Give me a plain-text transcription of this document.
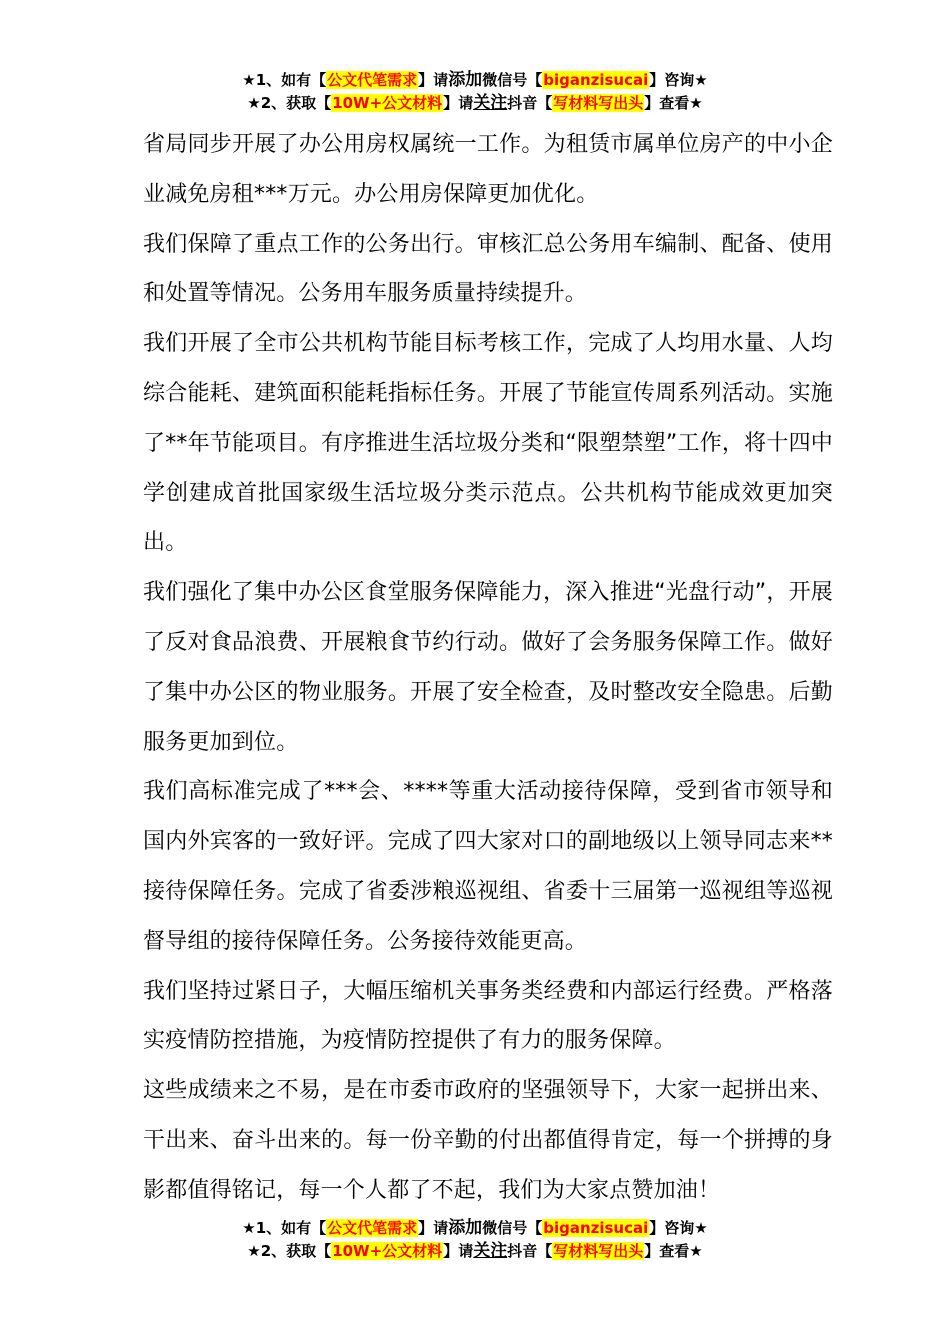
★1、如有【公文代笔需求】请添加微信号【biganzisucai】咨询★
★2、获取【10W+公文材料】请关注抖音【写材料写出头】查看★

省局同步开展了办公用房权属统一工作。为租赁市属单位房产的中小企业减免房租***万元。办公用房保障更加优化。

我们保障了重点工作的公务出行。审核汇总公务用车编制、配备、使用和处置等情况。公务用车服务质量持续提升。

我们开展了全市公共机构节能目标考核工作，完成了人均用水量、人均综合能耗、建筑面积能耗指标任务。开展了节能宣传周系列活动。实施了**年节能项目。有序推进生活垃圾分类和“限塑禁塑”工作，将十四中学创建成首批国家级生活垃圾分类示范点。公共机构节能成效更加突出。

我们强化了集中办公区食堂服务保障能力，深入推进“光盘行动”，开展了反对食品浪费、开展粮食节约行动。做好了会务服务保障工作。做好了集中办公区的物业服务。开展了安全检查，及时整改安全隐患。后勤服务更加到位。

我们高标准完成了***会、****等重大活动接待保障，受到省市领导和国内外宾客的一致好评。完成了四大家对口的副地级以上领导同志来**接待保障任务。完成了省委涉粮巡视组、省委十三届第一巡视组等巡视督导组的接待保障任务。公务接待效能更高。

我们坚持过紧日子，大幅压缩机关事务类经费和内部运行经费。严格落实疫情防控措施，为疫情防控提供了有力的服务保障。

这些成绩来之不易，是在市委市政府的坚强领导下，大家一起拼出来、干出来、奋斗出来的。每一份辛勤的付出都值得肯定，每一个拼搏的身影都值得铭记，每一个人都了不起，我们为大家点赞加油！

★1、如有【公文代笔需求】请添加微信号【biganzisucai】咨询★
★2、获取【10W+公文材料】请关注抖音【写材料写出头】查看★
